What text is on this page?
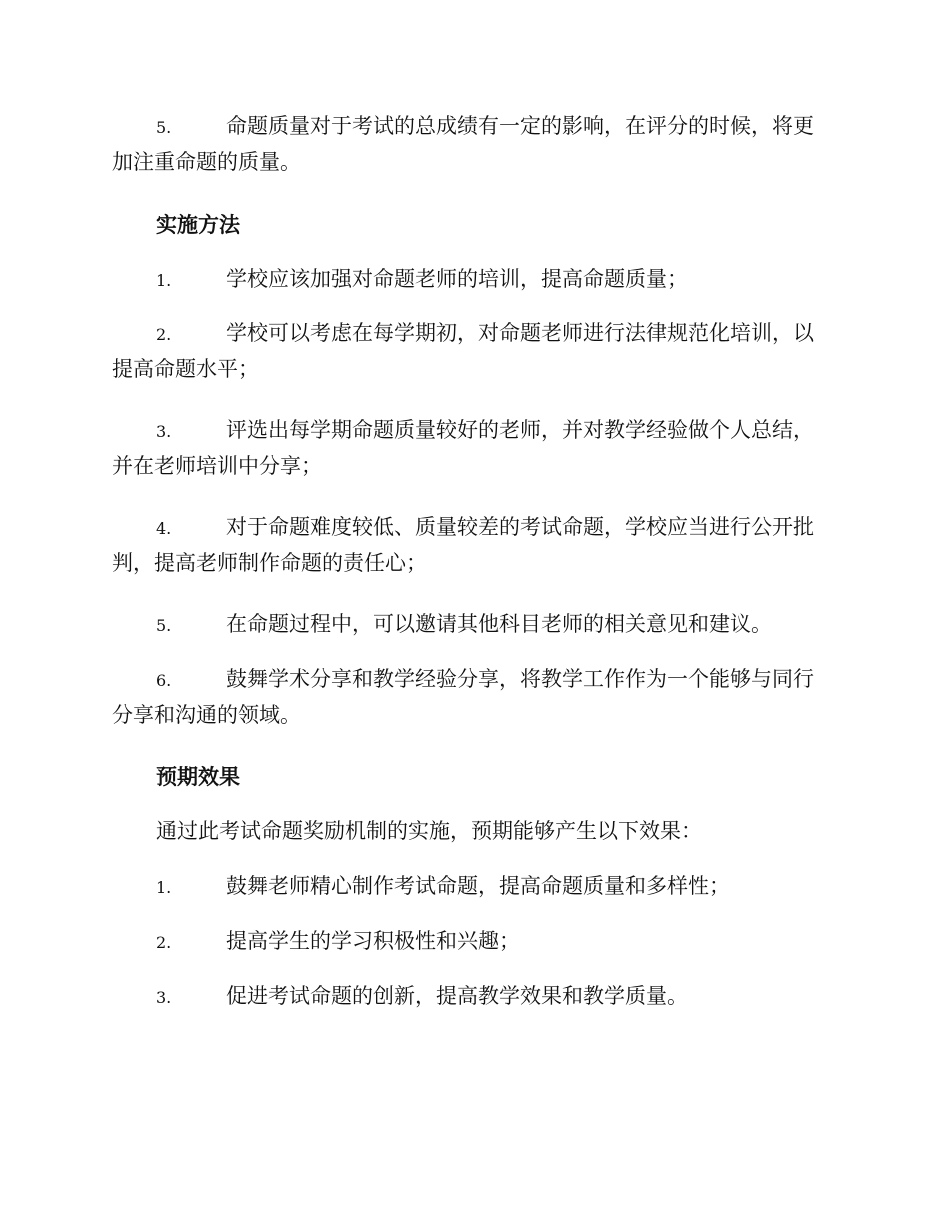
5.	命题质量对于考试的总成绩有一定的影响，在评分的时候，将更加注重命题的质量。
实施方法
1.	学校应该加强对命题老师的培训，提高命题质量；
2.	学校可以考虑在每学期初，对命题老师进行法律规范化培训，以提高命题水平；
3.	评选出每学期命题质量较好的老师，并对教学经验做个人总结，并在老师培训中分享；
4.	对于命题难度较低、质量较差的考试命题，学校应当进行公开批判，提高老师制作命题的责任心；
5.	在命题过程中，可以邀请其他科目老师的相关意见和建议。
6.	鼓舞学术分享和教学经验分享，将教学工作作为一个能够与同行分享和沟通的领域。
预期效果
通过此考试命题奖励机制的实施，预期能够产生以下效果：
1.	鼓舞老师精心制作考试命题，提高命题质量和多样性；
2.	提高学生的学习积极性和兴趣；
3.	促进考试命题的创新，提高教学效果和教学质量。
